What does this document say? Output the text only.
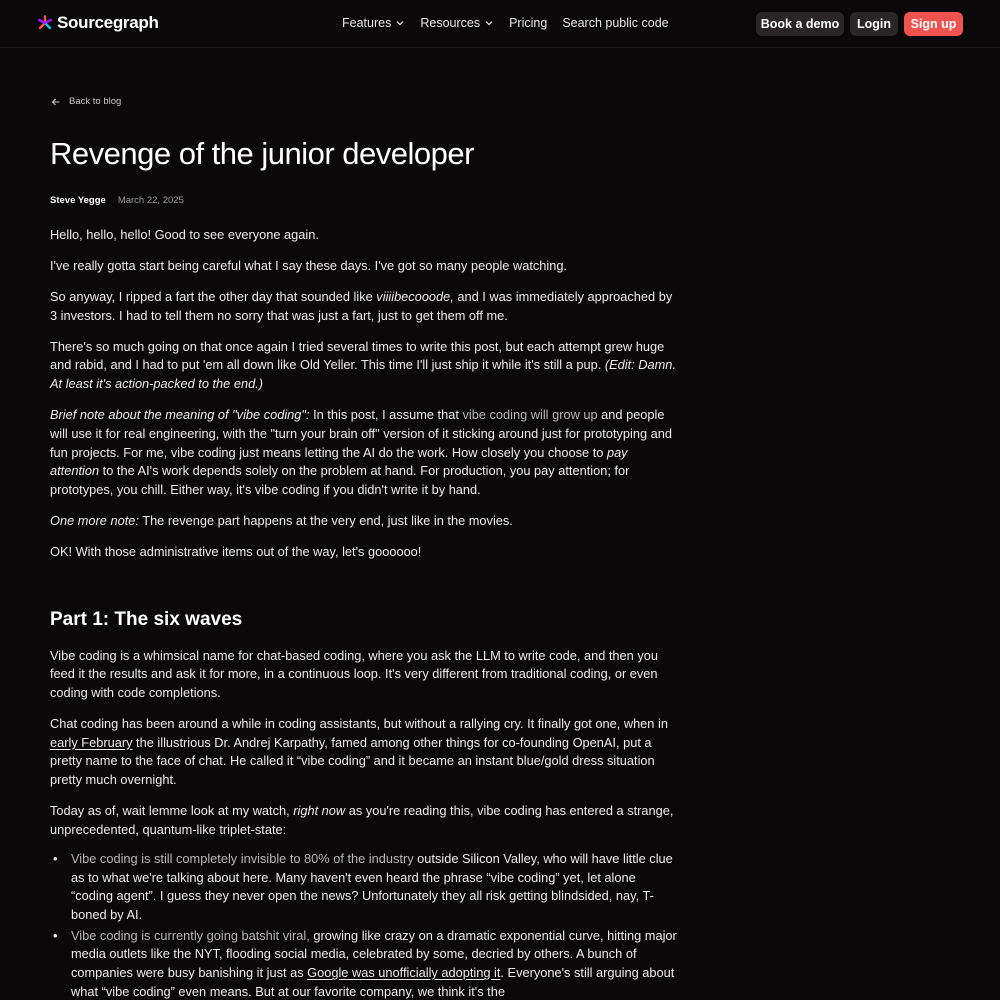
Sourcegraph	Features Resources Pricing Search public code	Book a demo	Login	Sign up
Back to blog
Revenge of the junior developer
Steve Yegge March 22, 2025

Hello, hello, hello! Good to see everyone again.

I've really gotta start being careful what I say these days. I've got so many people watching.

So anyway, I ripped a fart the other day that sounded like viiiibecooode, and I was immediately approached by 3 investors. I had to tell them no sorry that was just a fart, just to get them off me.

There's so much going on that once again I tried several times to write this post, but each attempt grew huge and rabid, and I had to put 'em all down like Old Yeller. This time I'll just ship it while it's still a pup. (Edit: Damn. At least it's action-packed to the end.)

Brief note about the meaning of "vibe coding": In this post, I assume that vibe coding will grow up and people will use it for real engineering, with the "turn your brain off" version of it sticking around just for prototyping and fun projects. For me, vibe coding just means letting the AI do the work. How closely you choose to pay attention to the AI's work depends solely on the problem at hand. For production, you pay attention; for prototypes, you chill. Either way, it's vibe coding if you didn't write it by hand.

One more note: The revenge part happens at the very end, just like in the movies.

OK! With those administrative items out of the way, let's goooooo!

Part 1: The six waves

Vibe coding is a whimsical name for chat-based coding, where you ask the LLM to write code, and then you feed it the results and ask it for more, in a continuous loop. It's very different from traditional coding, or even coding with code completions.

Chat coding has been around a while in coding assistants, but without a rallying cry. It finally got one, when in early February the illustrious Dr. Andrej Karpathy, famed among other things for co-founding OpenAI, put a pretty name to the face of chat. He called it “vibe coding” and it became an instant blue/gold dress situation pretty much overnight.

Today as of, wait lemme look at my watch, right now as you're reading this, vibe coding has entered a strange, unprecedented, quantum-like triplet-state:

• Vibe coding is still completely invisible to 80% of the industry outside Silicon Valley, who will have little clue as to what we're talking about here. Many haven't even heard the phrase “vibe coding” yet, let alone “coding agent”. I guess they never open the news? Unfortunately they all risk getting blindsided, nay, T-boned by AI.
• Vibe coding is currently going batshit viral, growing like crazy on a dramatic exponential curve, hitting major media outlets like the NYT, flooding social media, celebrated by some, decried by others. A bunch of companies were busy banishing it just as Google was unofficially adopting it. Everyone's still arguing about what “vibe coding” even means. But at our favorite company, we think it's the
